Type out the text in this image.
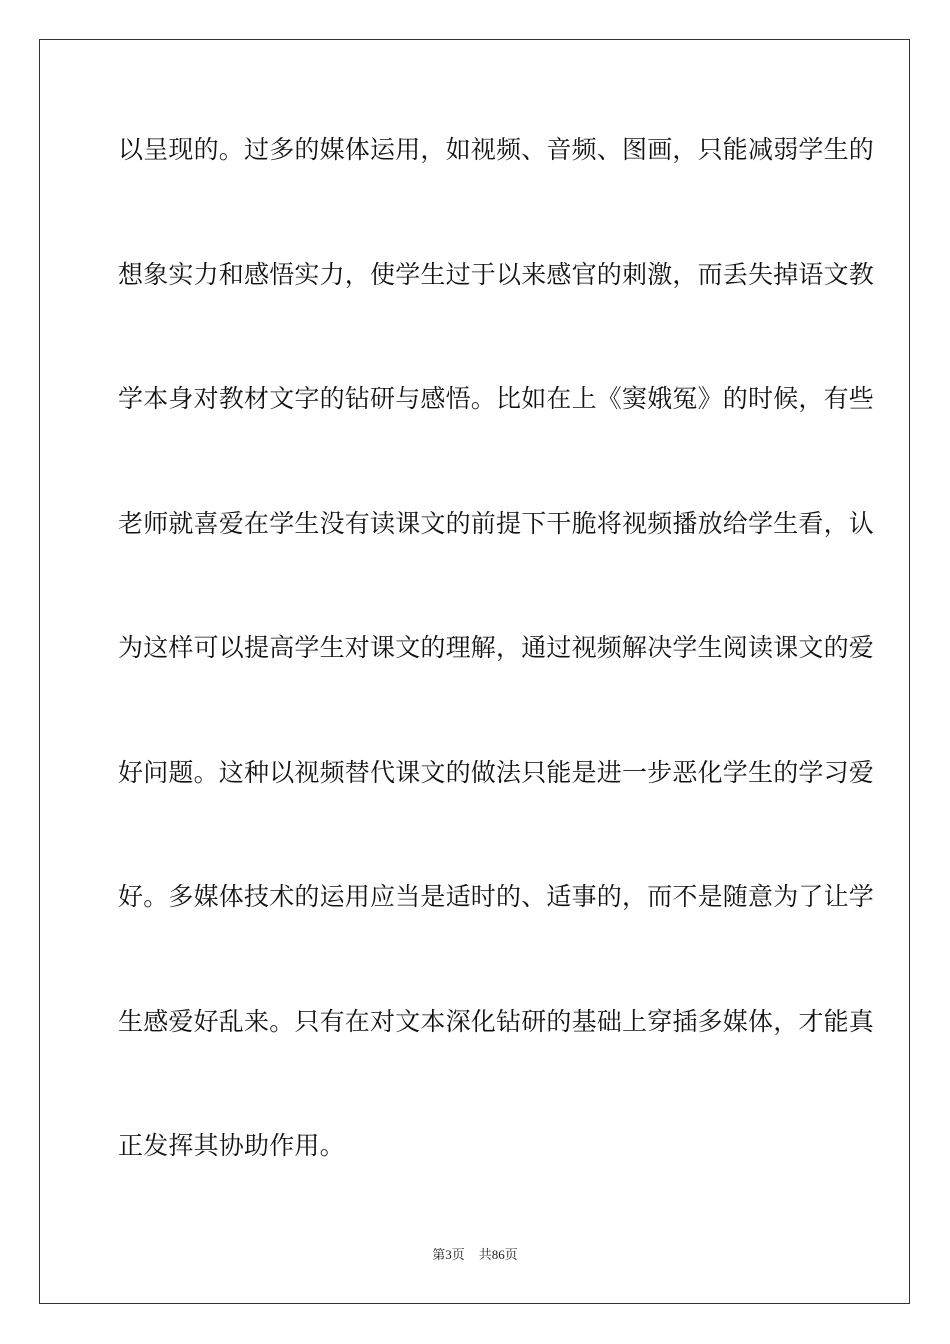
以呈现的。过多的媒体运用，如视频、音频、图画，只能减弱学生的
想象实力和感悟实力，使学生过于以来感官的刺激，而丢失掉语文教
学本身对教材文字的钻研与感悟。比如在上《窦娥冤》的时候，有些
老师就喜爱在学生没有读课文的前提下干脆将视频播放给学生看，认
为这样可以提高学生对课文的理解，通过视频解决学生阅读课文的爱
好问题。这种以视频替代课文的做法只能是进一步恶化学生的学习爱
好。多媒体技术的运用应当是适时的、适事的，而不是随意为了让学
生感爱好乱来。只有在对文本深化钻研的基础上穿插多媒体，才能真
正发挥其协助作用。
第3页 共86页
